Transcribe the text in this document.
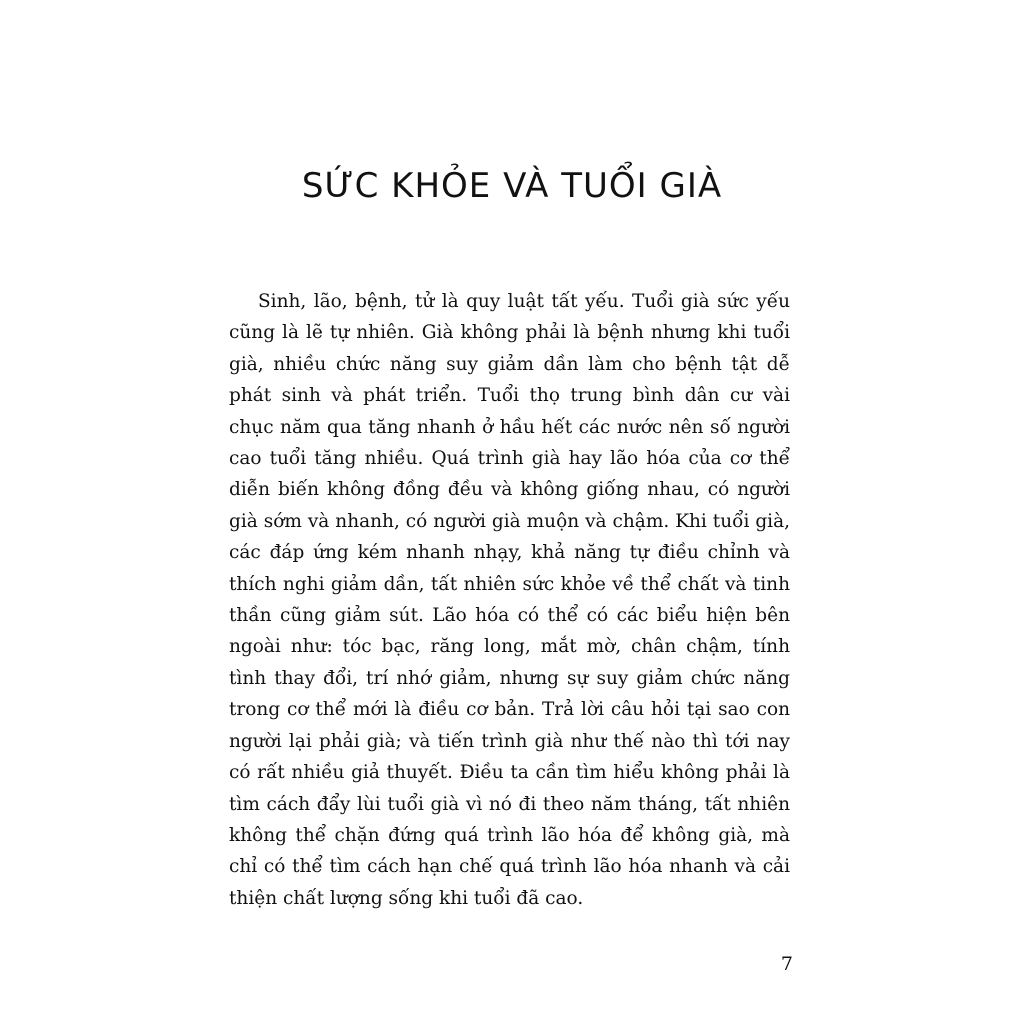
SỨC KHỎE VÀ TUỔI GIÀ

Sinh, lão, bệnh, tử là quy luật tất yếu. Tuổi già sức yếu cũng là lẽ tự nhiên. Già không phải là bệnh nhưng khi tuổi già, nhiều chức năng suy giảm dần làm cho bệnh tật dễ phát sinh và phát triển. Tuổi thọ trung bình dân cư vài chục năm qua tăng nhanh ở hầu hết các nước nên số người cao tuổi tăng nhiều. Quá trình già hay lão hóa của cơ thể diễn biến không đồng đều và không giống nhau, có người già sớm và nhanh, có người già muộn và chậm. Khi tuổi già, các đáp ứng kém nhanh nhạy, khả năng tự điều chỉnh và thích nghi giảm dần, tất nhiên sức khỏe về thể chất và tinh thần cũng giảm sút. Lão hóa có thể có các biểu hiện bên ngoài như: tóc bạc, răng long, mắt mờ, chân chậm, tính tình thay đổi, trí nhớ giảm, nhưng sự suy giảm chức năng trong cơ thể mới là điều cơ bản. Trả lời câu hỏi tại sao con người lại phải già; và tiến trình già như thế nào thì tới nay có rất nhiều giả thuyết. Điều ta cần tìm hiểu không phải là tìm cách đẩy lùi tuổi già vì nó đi theo năm tháng, tất nhiên không thể chặn đứng quá trình lão hóa để không già, mà chỉ có thể tìm cách hạn chế quá trình lão hóa nhanh và cải thiện chất lượng sống khi tuổi đã cao.

7
